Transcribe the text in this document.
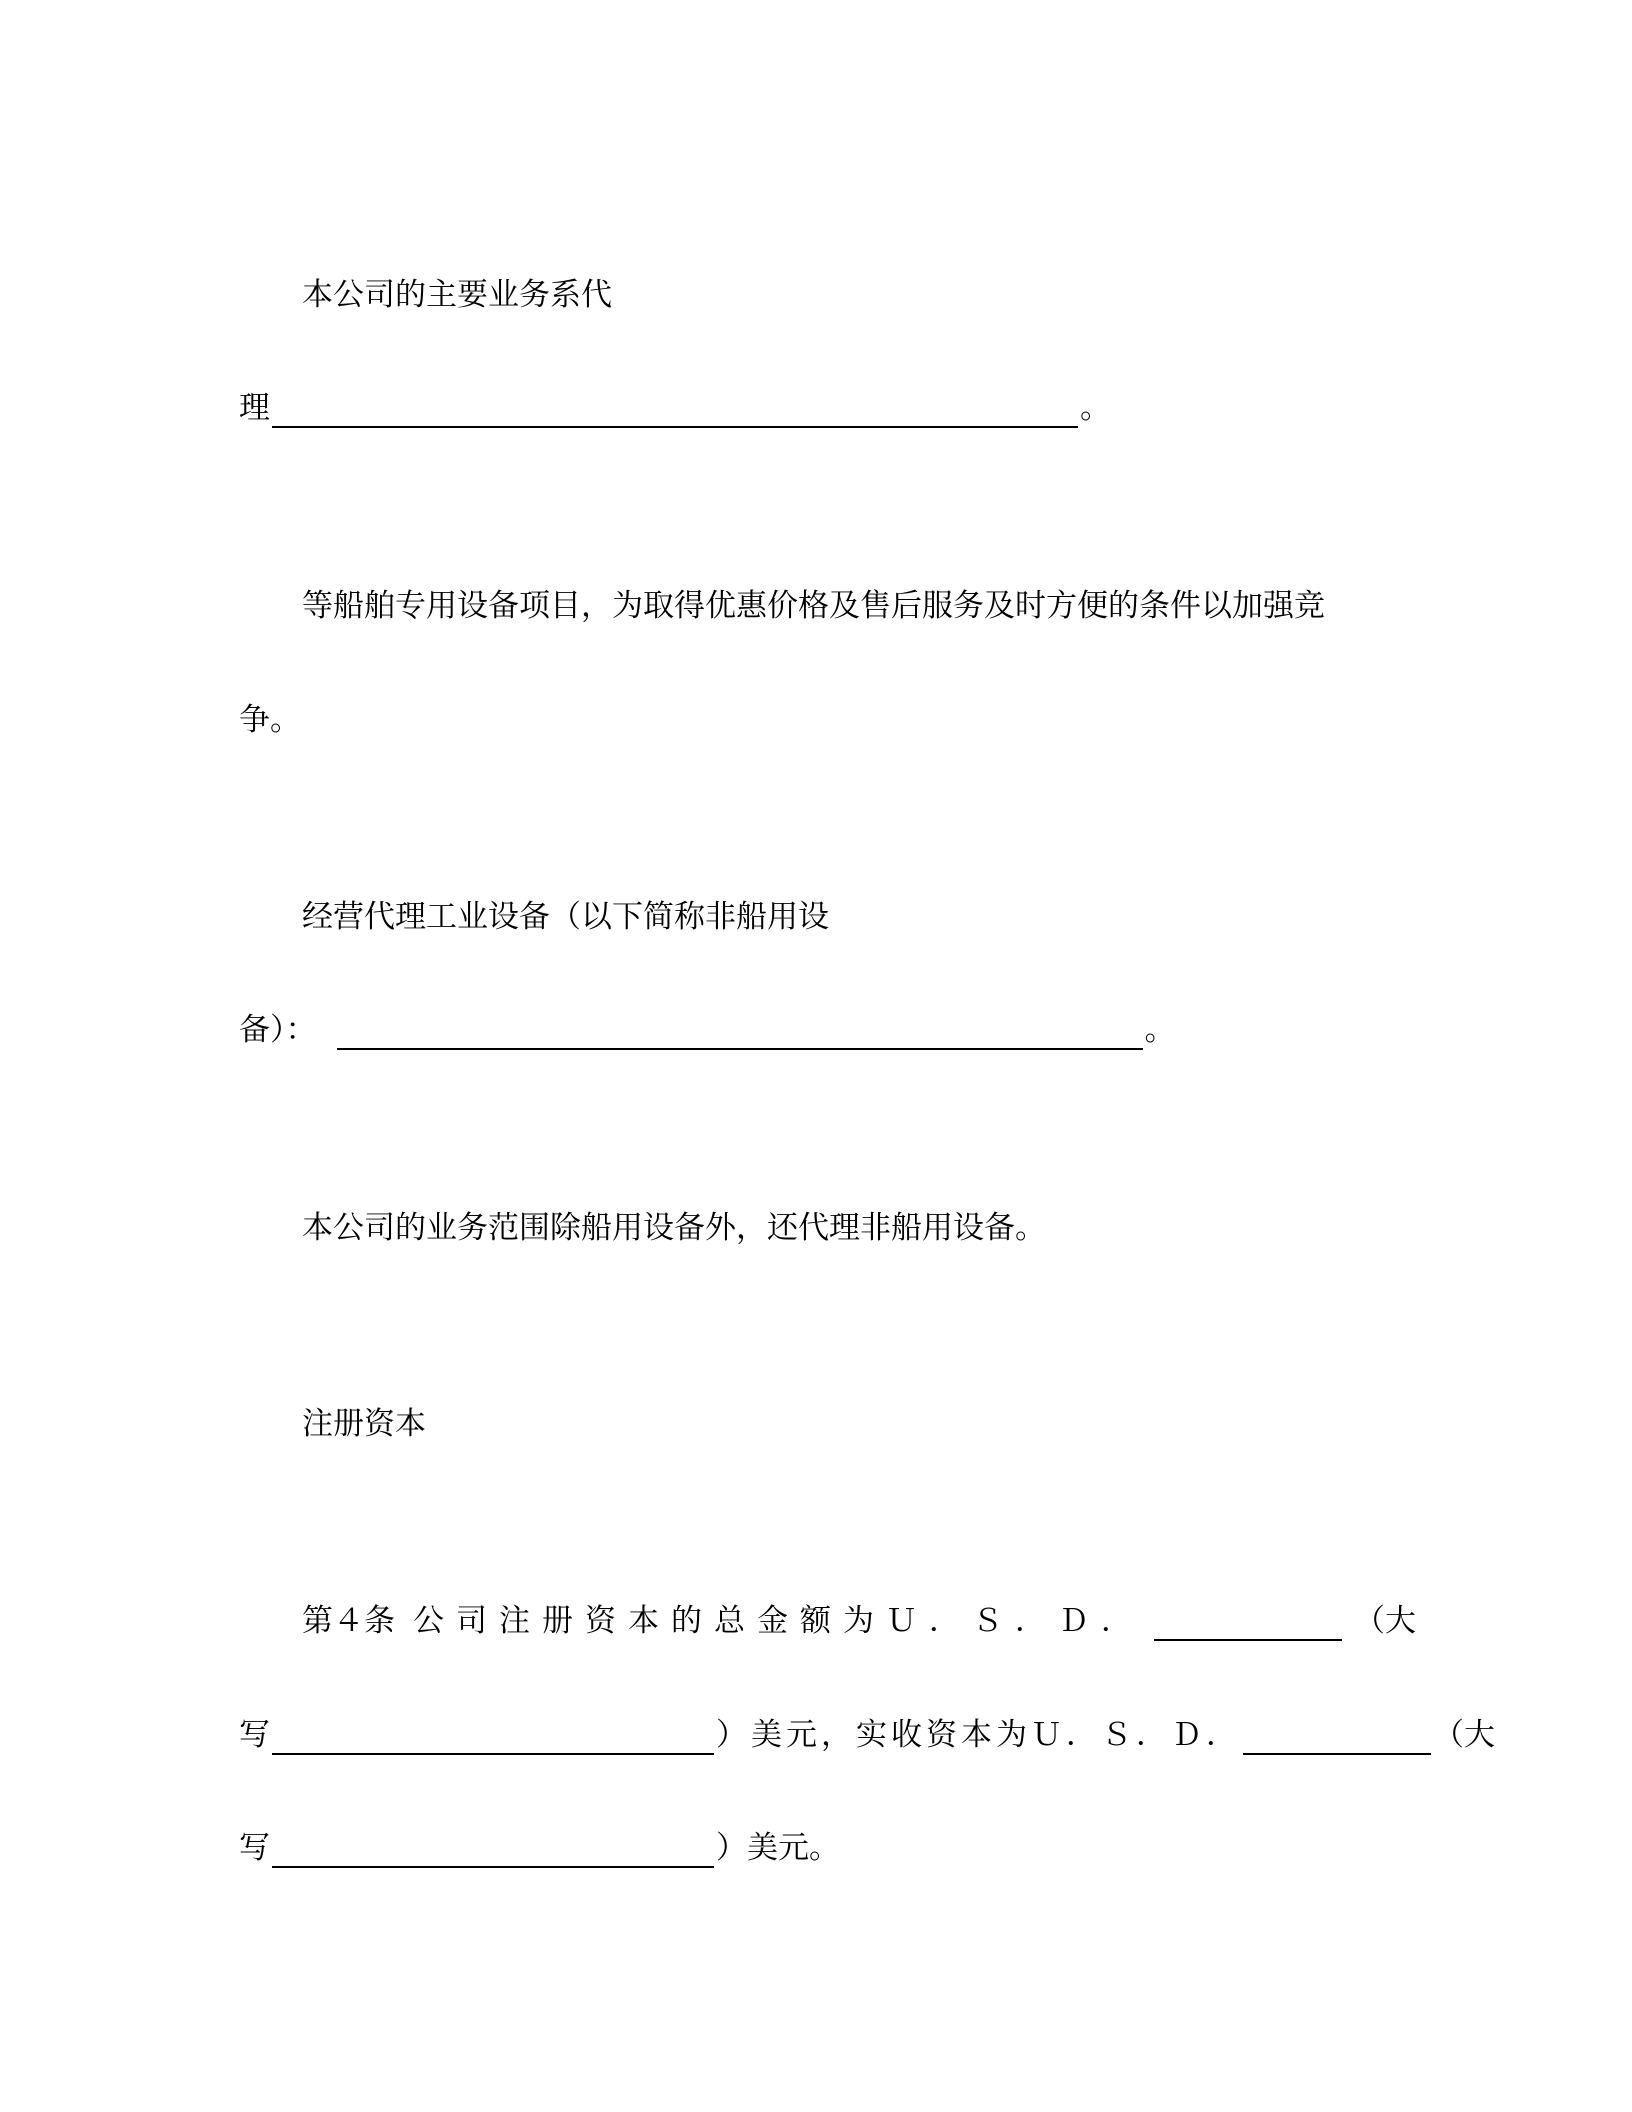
本公司的主要业务系代
理	。
等船舶专用设备项目，为取得优惠价格及售后服务及时方便的条件以加强竞
争。
经营代理工业设备（以下简称非船用设
备）：	。
本公司的业务范围除船用设备外，还代理非船用设备。
注册资本
第４条 公司注册资本的总金额为Ｕ．Ｓ．Ｄ．	（大
写	）美元，实收资本为Ｕ．Ｓ．Ｄ．	（大
写	）美元。
